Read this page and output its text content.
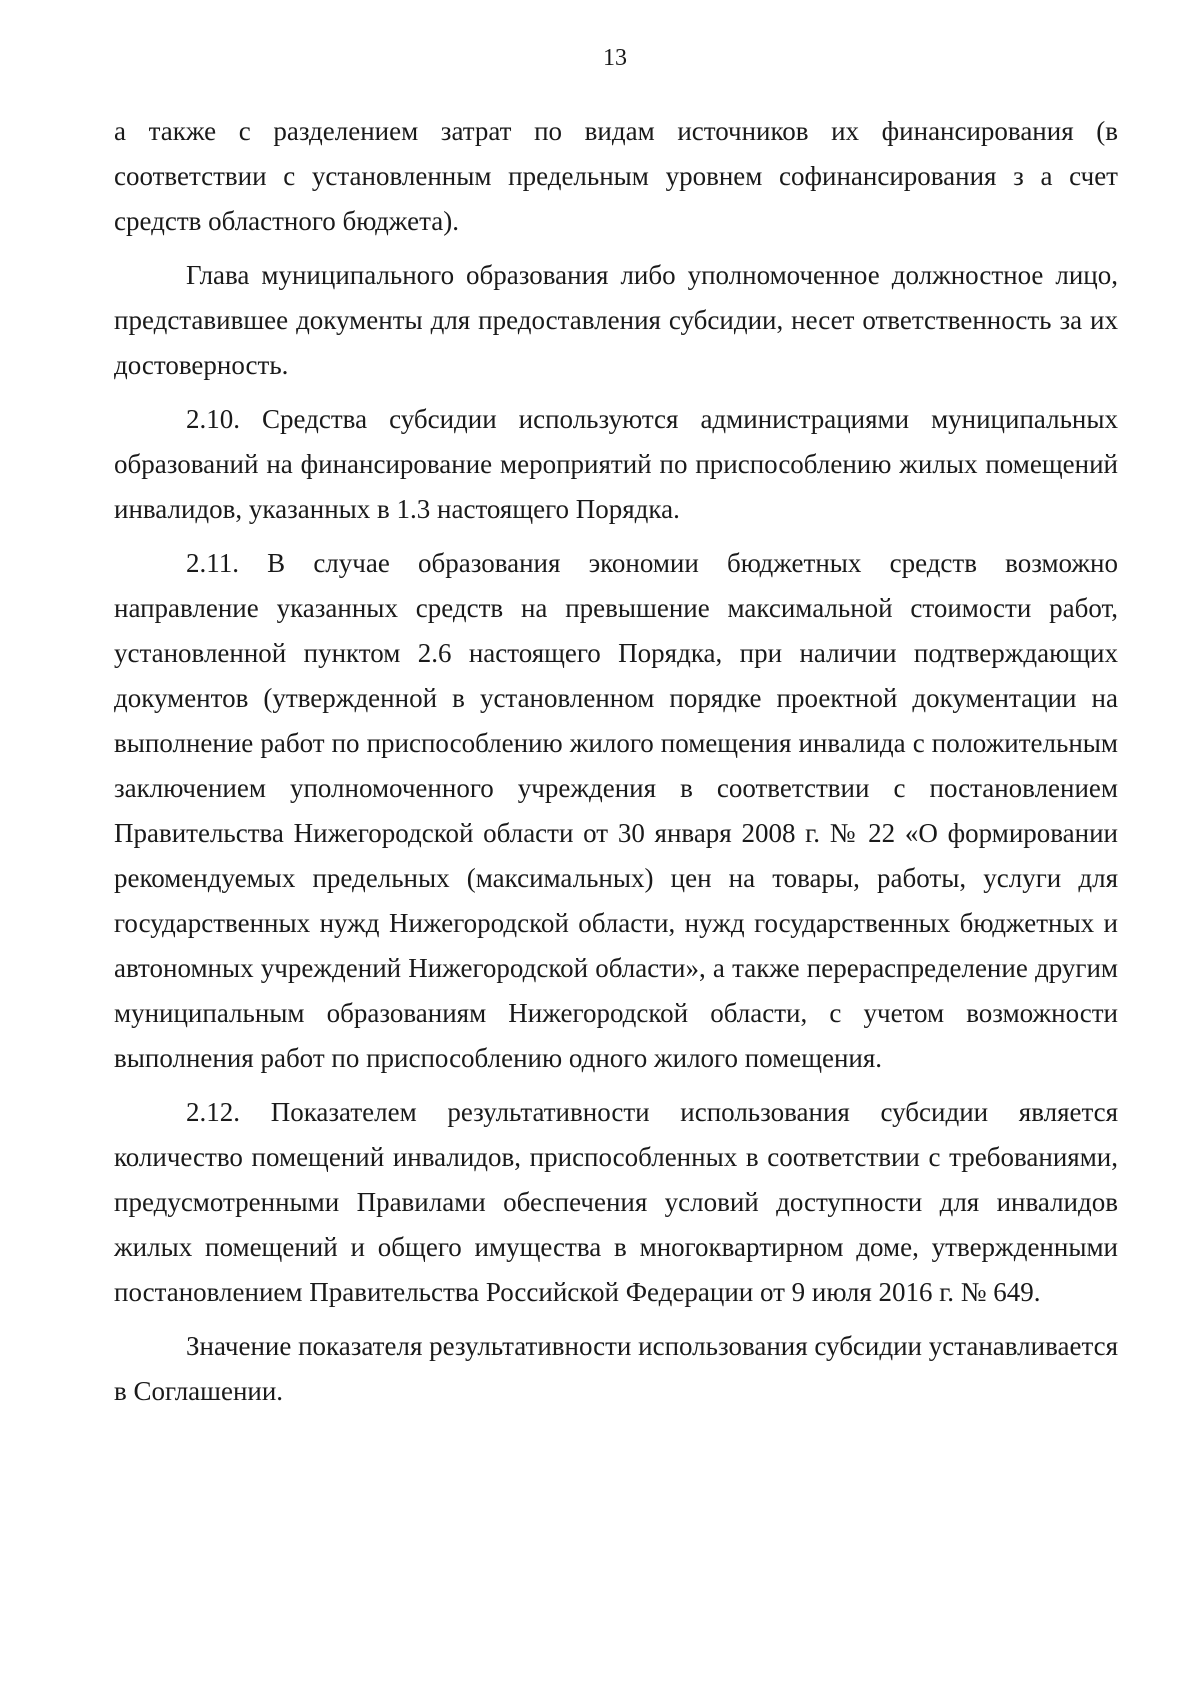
13

а также с разделением затрат по видам источников их финансирования (в соответствии с установленным предельным уровнем софинансирования з а счет средств областного бюджета).

Глава муниципального образования либо уполномоченное должностное лицо, представившее документы для предоставления субсидии, несет ответственность за их достоверность.

2.10. Средства субсидии используются администрациями муниципальных образований на финансирование мероприятий по приспособлению жилых помещений инвалидов, указанных в 1.3 настоящего Порядка.

2.11. В случае образования экономии бюджетных средств возможно направление указанных средств на превышение максимальной стоимости работ, установленной пунктом 2.6 настоящего Порядка, при наличии подтверждающих документов (утвержденной в установленном порядке проектной документации на выполнение работ по приспособлению жилого помещения инвалида с положительным заключением уполномоченного учреждения в соответствии с постановлением Правительства Нижегородской области от 30 января 2008 г. № 22 «О формировании рекомендуемых предельных (максимальных) цен на товары, работы, услуги для государственных нужд Нижегородской области, нужд государственных бюджетных и автономных учреждений Нижегородской области», а также перераспределение другим муниципальным образованиям Нижегородской области, с учетом возможности выполнения работ по приспособлению одного жилого помещения.

2.12. Показателем результативности использования субсидии является количество помещений инвалидов, приспособленных в соответствии с требованиями, предусмотренными Правилами обеспечения условий доступности для инвалидов жилых помещений и общего имущества в многоквартирном доме, утвержденными постановлением Правительства Российской Федерации от 9 июля 2016 г. № 649.

Значение показателя результативности использования субсидии устанавливается в Соглашении.
